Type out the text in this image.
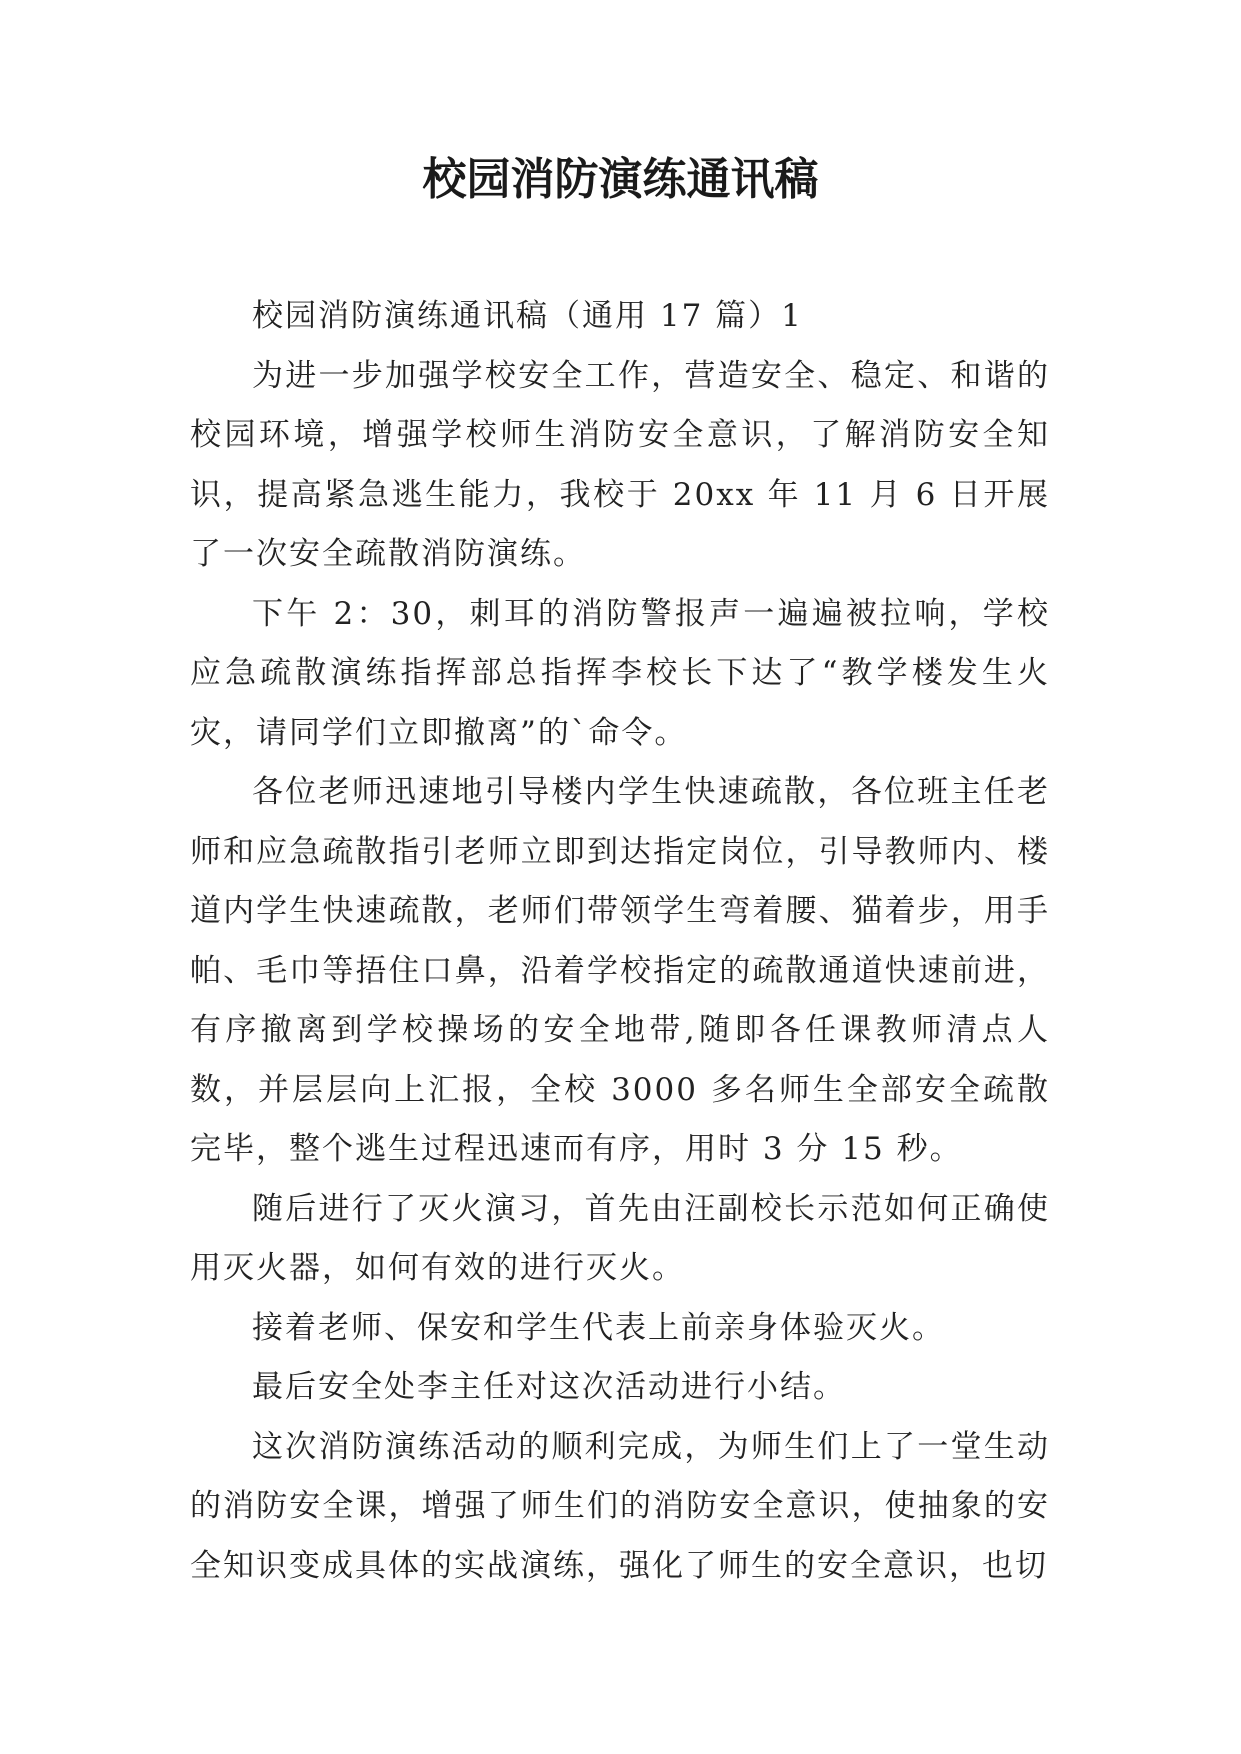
校园消防演练通讯稿

校园消防演练通讯稿（通用 17 篇）1

为进一步加强学校安全工作，营造安全、稳定、和谐的校园环境，增强学校师生消防安全意识，了解消防安全知识，提高紧急逃生能力，我校于 20xx 年 11 月 6 日开展了一次安全疏散消防演练。

下午 2：30，刺耳的消防警报声一遍遍被拉响，学校应急疏散演练指挥部总指挥李校长下达了“教学楼发生火灾，请同学们立即撤离”的`命令。

各位老师迅速地引导楼内学生快速疏散，各位班主任老师和应急疏散指引老师立即到达指定岗位，引导教师内、楼道内学生快速疏散，老师们带领学生弯着腰、猫着步，用手帕、毛巾等捂住口鼻，沿着学校指定的疏散通道快速前进，有序撤离到学校操场的安全地带,随即各任课教师清点人数，并层层向上汇报，全校 3000 多名师生全部安全疏散完毕，整个逃生过程迅速而有序，用时 3 分 15 秒。

随后进行了灭火演习，首先由汪副校长示范如何正确使用灭火器，如何有效的进行灭火。

接着老师、保安和学生代表上前亲身体验灭火。

最后安全处李主任对这次活动进行小结。

这次消防演练活动的顺利完成，为师生们上了一堂生动的消防安全课，增强了师生们的消防安全意识，使抽象的安全知识变成具体的实战演练，强化了师生的安全意识，也切
